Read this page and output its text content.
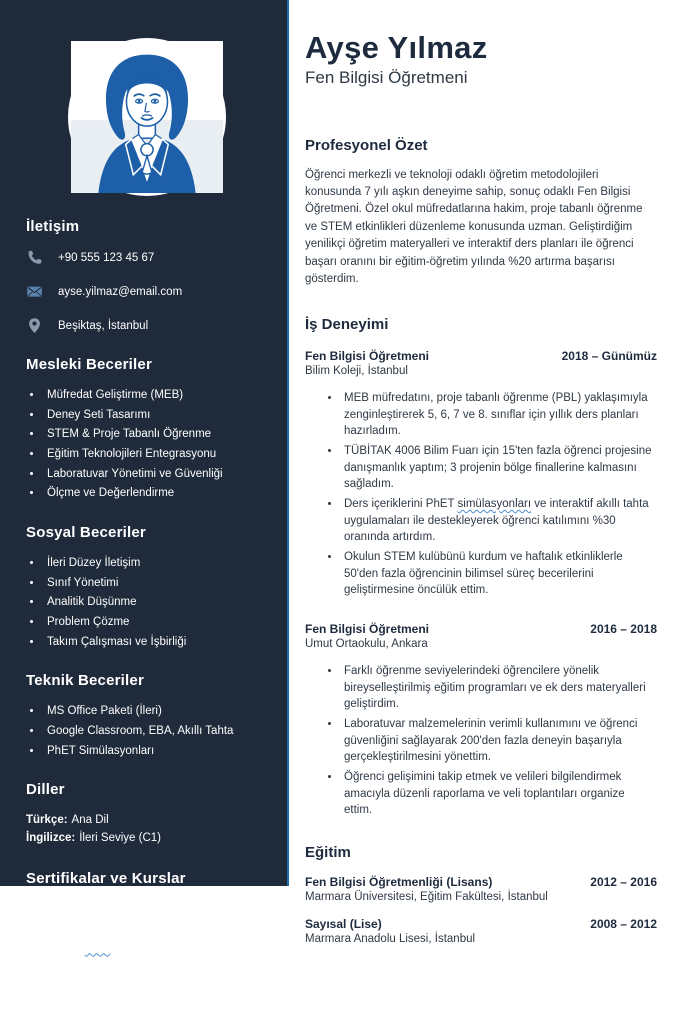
İletişim
+90 555 123 45 67
ayse.yilmaz@email.com
Beşiktaş, İstanbul
Mesleki Beceriler
• Müfredat Geliştirme (MEB)
• Deney Seti Tasarımı
• STEM & Proje Tabanlı Öğrenme
• Eğitim Teknolojileri Entegrasyonu
• Laboratuvar Yönetimi ve Güvenliği
• Ölçme ve Değerlendirme
Sosyal Beceriler
• İleri Düzey İletişim
• Sınıf Yönetimi
• Analitik Düşünme
• Problem Çözme
• Takım Çalışması ve İşbirliği
Teknik Beceriler
• MS Office Paketi (İleri)
• Google Classroom, EBA, Akıllı Tahta
• PhET Simülasyonları
Diller
Türkçe: Ana Dil
İngilizce: İleri Seviye (C1)
Sertifikalar ve Kurslar
• STEM Eğitmen Eğitimi Sertifikası, Boğaziçi Üniversitesi (2020)
• Akıl ve Zeka Oyunları Eğitmenliği, MEB Hizmet içi Eğitim (2019)
• Eğitimde Teknoloji Kullanımı ve Materyal Geliştirme, ODTÜ SEM (2017)
Ayşe Yılmaz
Fen Bilgisi Öğretmeni
Profesyonel Özet

Öğrenci merkezli ve teknoloji odaklı öğretim metodolojileri konusunda 7 yılı aşkın deneyime sahip, sonuç odaklı Fen Bilgisi Öğretmeni. Özel okul müfredatlarına hakim, proje tabanlı öğrenme ve STEM etkinlikleri düzenleme konusunda uzman. Geliştirdiğim yenilikçi öğretim materyalleri ve interaktif ders planları ile öğrenci başarı oranını bir eğitim-öğretim yılında %20 artırma başarısı gösterdim.

İş Deneyimi
Fen Bilgisi Öğretmeni	2018 – Günümüz
Bilim Koleji, İstanbul
• MEB müfredatını, proje tabanlı öğrenme (PBL) yaklaşımıyla zenginleştirerek 5, 6, 7 ve 8. sınıflar için yıllık ders planları hazırladım.
• TÜBİTAK 4006 Bilim Fuarı için 15'ten fazla öğrenci projesine danışmanlık yaptım; 3 projenin bölge finallerine kalmasını sağladım.
• Ders içeriklerini PhET simülasyonları ve interaktif akıllı tahta uygulamaları ile destekleyerek öğrenci katılımını %30 oranında artırdım.
• Okulun STEM kulübünü kurdum ve haftalık etkinliklerle 50'den fazla öğrencinin bilimsel süreç becerilerini geliştirmesine öncülük ettim.
Fen Bilgisi Öğretmeni	2016 – 2018
Umut Ortaokulu, Ankara
• Farklı öğrenme seviyelerindeki öğrencilere yönelik bireyselleştirilmiş eğitim programları ve ek ders materyalleri geliştirdim.
• Laboratuvar malzemelerinin verimli kullanımını ve öğrenci güvenliğini sağlayarak 200'den fazla deneyin başarıyla gerçekleştirilmesini yönettim.
• Öğrenci gelişimini takip etmek ve velileri bilgilendirmek amacıyla düzenli raporlama ve veli toplantıları organize ettim.
Eğitim
Fen Bilgisi Öğretmenliği (Lisans)	2012 – 2016
Marmara Üniversitesi, Eğitim Fakültesi, İstanbul
Sayısal (Lise)	2008 – 2012
Marmara Anadolu Lisesi, İstanbul
